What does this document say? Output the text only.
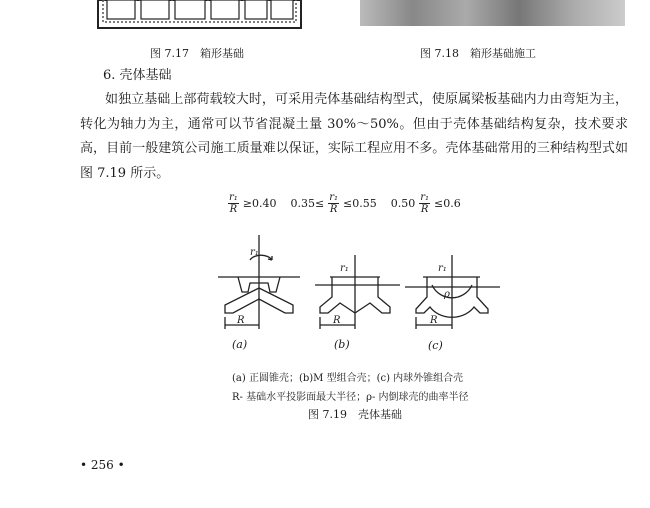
图 7.17　箱形基础	图 7.18　箱形基础施工
6. 壳体基础
如独立基础上部荷载较大时，可采用壳体基础结构型式，使原属梁板基础内力由弯矩为主，转化为轴力为主，通常可以节省混凝土量 30%～50%。但由于壳体基础结构复杂，技术要求高，目前一般建筑公司施工质量难以保证，实际工程应用不多。壳体基础常用的三种结构型式如图 7.19 所示。
$\frac{\text{r₁}}{R} \ge 0.40$ $0.35\le \frac{\text{r₁}}{R} \le 0.55$ $0.50 \frac{\text{r₁}}{R} \le 0.6$
r₁
R
r₁
R
r₁
ρ
R
(a)	(b)	(c)
(a) 正圆锥壳；(b)M 型组合壳；(c) 内球外锥组合壳
R- 基础水平投影面最大半径；ρ- 内倒球壳的曲率半径
图 7.19　壳体基础
• 256 •
